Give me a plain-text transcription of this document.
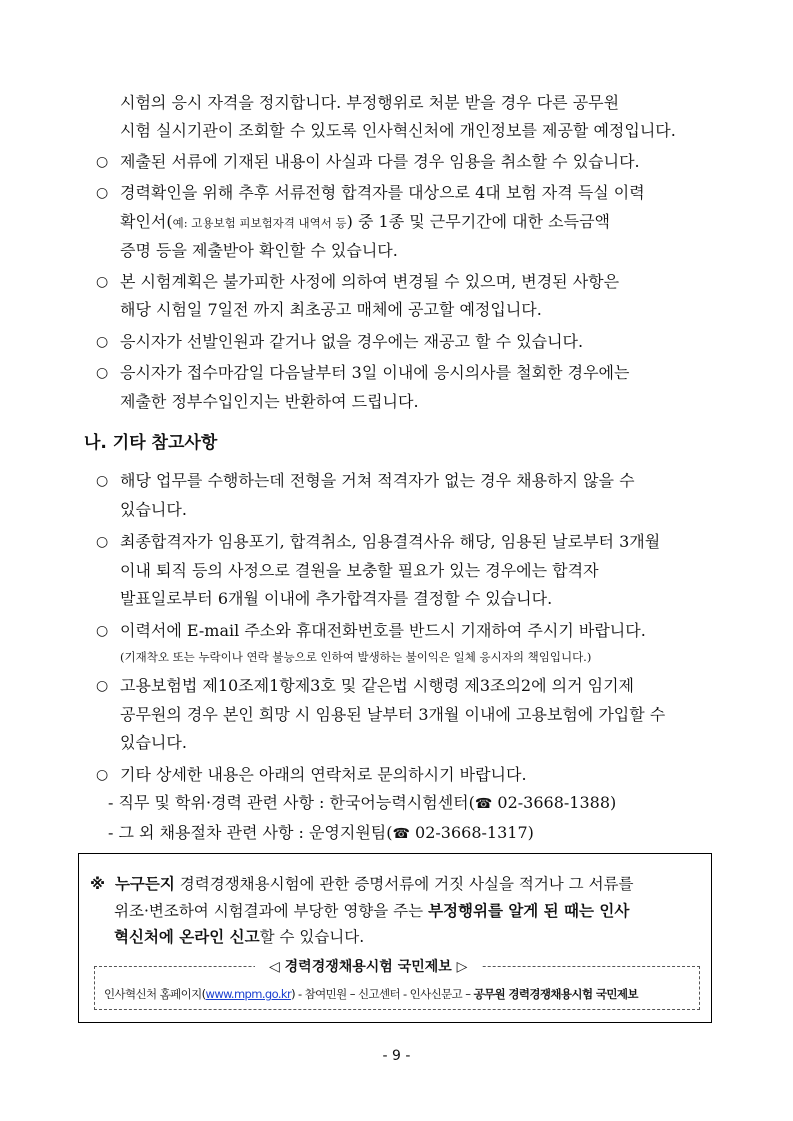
시험의 응시 자격을 정지합니다. 부정행위로 처분 받을 경우 다른 공무원
시험 실시기관이 조회할 수 있도록 인사혁신처에 개인정보를 제공할 예정입니다.
○ 제출된 서류에 기재된 내용이 사실과 다를 경우 임용을 취소할 수 있습니다.
○ 경력확인을 위해 추후 서류전형 합격자를 대상으로 4대 보험 자격 득실 이력
확인서(예: 고용보험 피보험자격 내역서 등) 중 1종 및 근무기간에 대한 소득금액
증명 등을 제출받아 확인할 수 있습니다.
○ 본 시험계획은 불가피한 사정에 의하여 변경될 수 있으며, 변경된 사항은
해당 시험일 7일전 까지 최초공고 매체에 공고할 예정입니다.
○ 응시자가 선발인원과 같거나 없을 경우에는 재공고 할 수 있습니다.
○ 응시자가 접수마감일 다음날부터 3일 이내에 응시의사를 철회한 경우에는
제출한 정부수입인지는 반환하여 드립니다.
나. 기타 참고사항
○ 해당 업무를 수행하는데 전형을 거쳐 적격자가 없는 경우 채용하지 않을 수
있습니다.
○ 최종합격자가 임용포기, 합격취소, 임용결격사유 해당, 임용된 날로부터 3개월
이내 퇴직 등의 사정으로 결원을 보충할 필요가 있는 경우에는 합격자
발표일로부터 6개월 이내에 추가합격자를 결정할 수 있습니다.
○ 이력서에 E-mail 주소와 휴대전화번호를 반드시 기재하여 주시기 바랍니다.
(기재착오 또는 누락이나 연락 불능으로 인하여 발생하는 불이익은 일체 응시자의 책임입니다.)
○ 고용보험법 제10조제1항제3호 및 같은법 시행령 제3조의2에 의거 임기제
공무원의 경우 본인 희망 시 임용된 날부터 3개월 이내에 고용보험에 가입할 수
있습니다.
○ 기타 상세한 내용은 아래의 연락처로 문의하시기 바랍니다.
- 직무 및 학위·경력 관련 사항 : 한국어능력시험센터(☎ 02-3668-1388)
- 그 외 채용절차 관련 사항 : 운영지원팀(☎ 02-3668-1317)
※ 누구든지 경력경쟁채용시험에 관한 증명서류에 거짓 사실을 적거나 그 서류를
위조·변조하여 시험결과에 부당한 영향을 주는 부정행위를 알게 된 때는 인사
혁신처에 온라인 신고할 수 있습니다.
◁ 경력경쟁채용시험 국민제보 ▷
인사혁신처 홈페이지(www.mpm.go.kr) - 참여민원 – 신고센터 - 인사신문고 – 공무원 경력경쟁채용시험 국민제보
- 9 -
